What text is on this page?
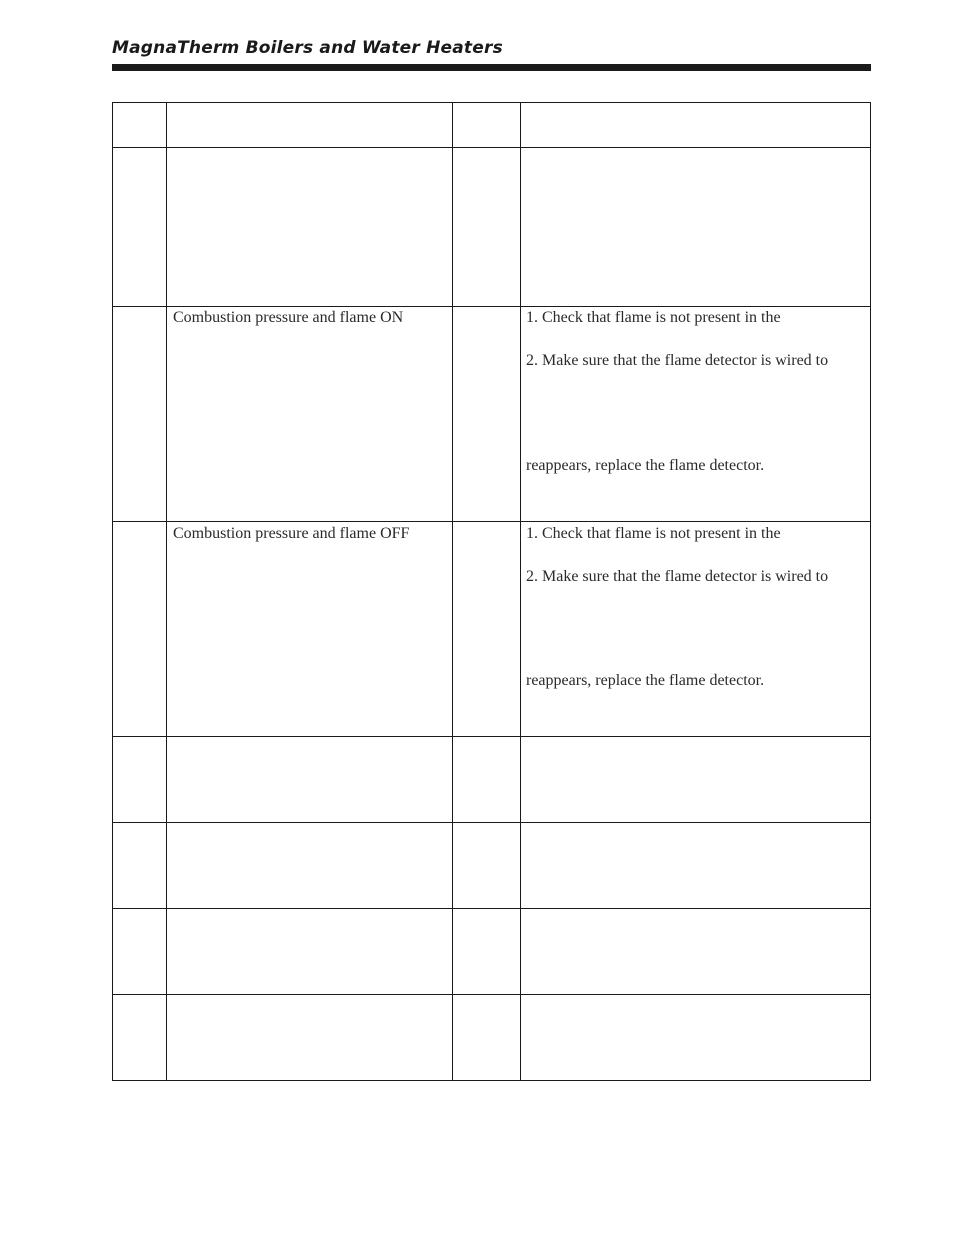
MagnaTherm Boilers and Water Heaters
Combustion pressure and flame ON	1. Check that flame is not present in the
2. Make sure that the flame detector is wired to
reappears, replace the flame detector.
Combustion pressure and flame OFF	1. Check that flame is not present in the
2. Make sure that the flame detector is wired to
reappears, replace the flame detector.
